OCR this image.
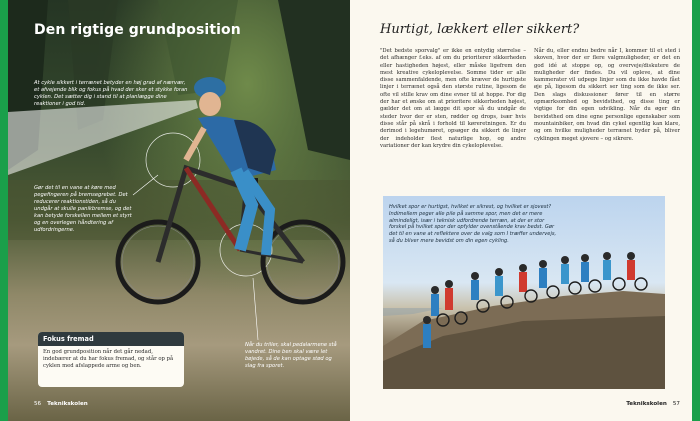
Den rigtige grundposition
At cykle sikkert i terrænet betyder en høj grad af nærvær, et afvejende blik og fokus på hvad der sker et stykke foran cyklen. Det sætter dig i stand til at planlægge dine reaktioner i god tid.
Gør det til en vane at køre med pegefingeren på bremsegrebet. Det reducerer reaktionstiden, så du undgår at skulle panikbremse, og det kan betyde forskellen mellem et styrt og en overlegen håndtering af udfordringerne.
Når du triller, skal pedalarmene stå vandret. Dine ben skal være let bøjede, så de kan optage stød og slag fra sporet.
Fokus fremad
En god grundposition når det går nedad, indebærer at du har fokus fremad, og står op på cyklen med afslappede arme og ben.
56 Teknikskolen
Hurtigt, lækkert eller sikkert?
"Det bedste sporvalg" er ikke en entydig størrelse – det afhænger f.eks. af om du prioriterer sikkerheden eller hastigheden højest, eller måske ligefrem den mest kreative cykeloplevelse. Somme tider er alle disse sammenfaldende, men ofte kræver de hurtigste linjer i terrænet også den største rutine, ligesom de ofte vil stille krav om dine evner til at hoppe. For dig der har et ønske om at prioritere sikkerheden højest, gælder det om at lægge dit spor så du undgår de steder hvor der er sten, rødder og drops, især hvis disse står på skrå i forhold til køreretningen. Er du derimod i legehumøret, opsøger du sikkert de linjer der indeholder flest naturlige hop, og andre variationer der kan krydre din cykeloplevelse.
Når du, eller endnu bedre når I, kommer til et sted i skoven, hvor der er flere valgmuligheder, er det en god idé at stoppe op, og overveje/diskutere de muligheder der findes. Du vil opleve, at dine kammerater vil udpege linjer som du ikke havde fået øje på, ligesom du sikkert ser ting som de ikke ser. Den slags diskussioner fører til en større opmærksomhed og bevidsthed, og disse ting er vigtige for din egen udvikling. Når du øger din bevidsthed om dine egne personlige egenskaber som mountainbiker, om hvad din cykel egentlig kan klare, og om hvilke muligheder terrænet byder på, bliver cyklingen meget sjovere – og sikrere.
Teknikskolen 57
Hvilket spor er hurtigst, hvilket er sikrest, og hvilket er sjovest? Indimellem peger alle pile på samme spor, men det er mere almindeligt, især i teknisk udfordrende terræn, at der er stor forskel på hvilket spor der opfylder ovenstående krav bedst. Gør det til en vane at reflektere over de valg som I træffer undervejs, så du bliver mere bevidst om din egen cykling.
